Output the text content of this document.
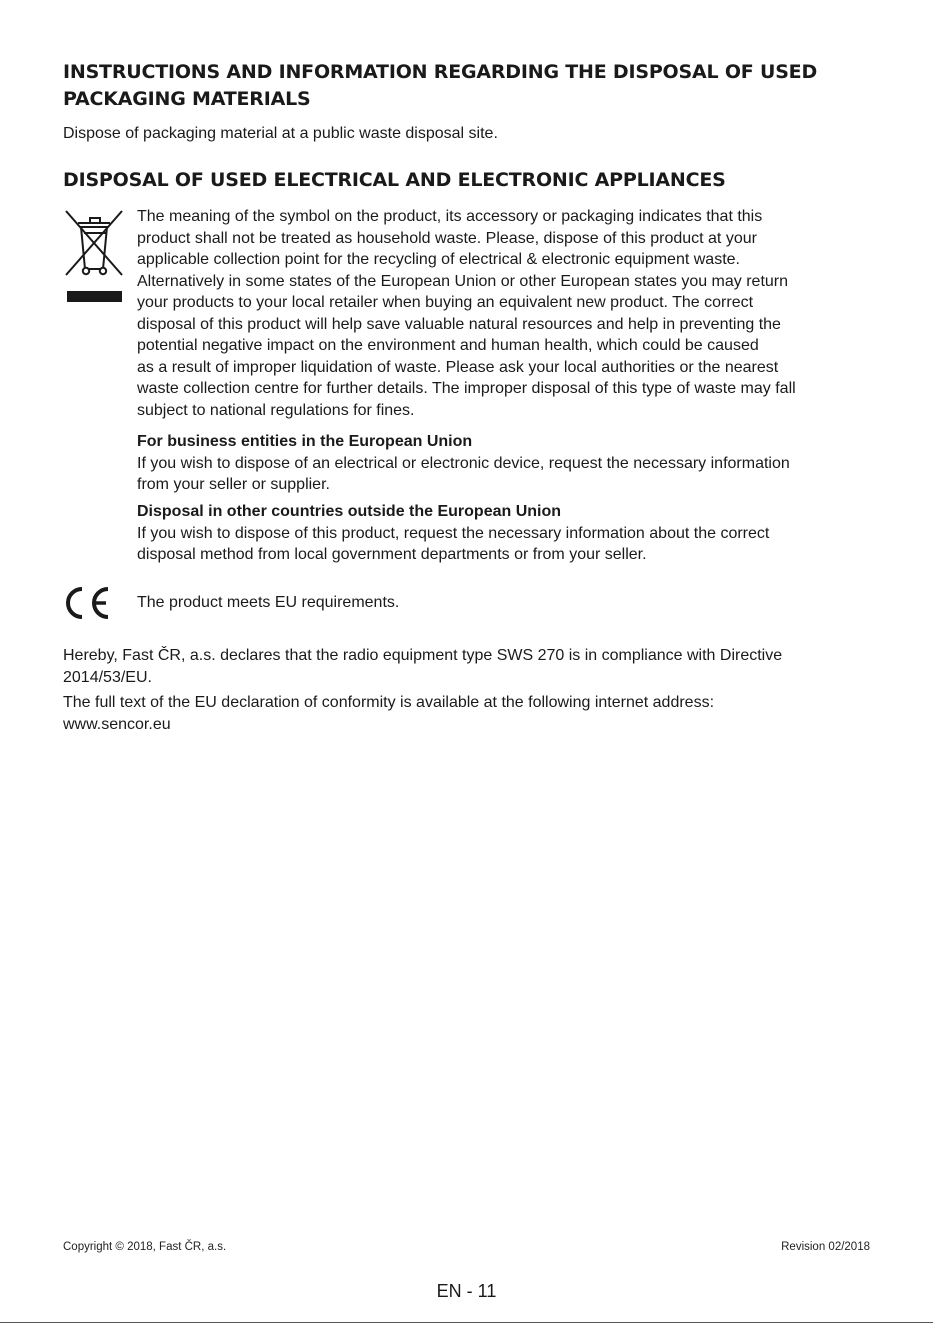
INSTRUCTIONS AND INFORMATION REGARDING THE DISPOSAL OF USED
PACKAGING MATERIALS
Dispose of packaging material at a public waste disposal site.
DISPOSAL OF USED ELECTRICAL AND ELECTRONIC APPLIANCES
The meaning of the symbol on the product, its accessory or packaging indicates that this
product shall not be treated as household waste. Please, dispose of this product at your
applicable collection point for the recycling of electrical & electronic equipment waste.
Alternatively in some states of the European Union or other European states you may return
your products to your local retailer when buying an equivalent new product. The correct
disposal of this product will help save valuable natural resources and help in preventing the
potential negative impact on the environment and human health, which could be caused
as a result of improper liquidation of waste. Please ask your local authorities or the nearest
waste collection centre for further details. The improper disposal of this type of waste may fall
subject to national regulations for fines.
For business entities in the European Union
If you wish to dispose of an electrical or electronic device, request the necessary information
from your seller or supplier.
Disposal in other countries outside the European Union
If you wish to dispose of this product, request the necessary information about the correct
disposal method from local government departments or from your seller.
The product meets EU requirements.
Hereby, Fast ČR, a.s. declares that the radio equipment type SWS 270 is in compliance with Directive
2014/53/EU.
The full text of the EU declaration of conformity is available at the following internet address:
www.sencor.eu
Copyright © 2018, Fast ČR, a.s.	Revision 02/2018
EN - 11
